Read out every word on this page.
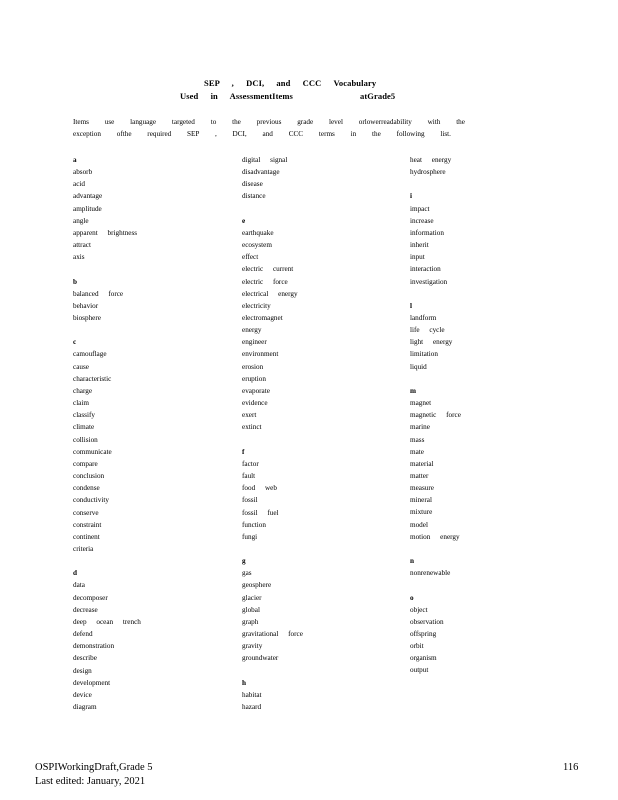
SEP , DCI, and CCC Vocabulary
Used in AssessmentItems	atGrade5
Items use language targeted to the previous grade level orlowerreadability with the
exception ofthe required SEP , DCI, and CCC terms in the following list.
a
absorb
acid
advantage
amplitude
angle
apparent brightness
attract
axis
b
balanced force
behavior
biosphere
c
camouflage
cause
characteristic
charge
claim
classify
climate
collision
communicate
compare
conclusion
condense
conductivity
conserve
constraint
continent
criteria
d
data
decomposer
decrease
deep ocean trench
defend
demonstration
describe
design
development
device
diagram
digital signal
disadvantage
disease
distance
e
earthquake
ecosystem
effect
electric current
electric force
electrical energy
electricity
electromagnet
energy
engineer
environment
erosion
eruption
evaporate
evidence
exert
extinct
f
factor
fault
food web
fossil
fossil fuel
function
fungi
g
gas
geosphere
glacier
global
graph
gravitational force
gravity
groundwater
h
habitat
hazard
heat energy
hydrosphere
i
impact
increase
information
inherit
input
interaction
investigation
l
landform
life cycle
light energy
limitation
liquid
m
magnet
magnetic force
marine
mass
mate
material
matter
measure
mineral
mixture
model
motion energy
n
nonrenewable
o
object
observation
offspring
orbit
organism
output
OSPIWorkingDraft,Grade 5
Last edited: January, 2021
116
